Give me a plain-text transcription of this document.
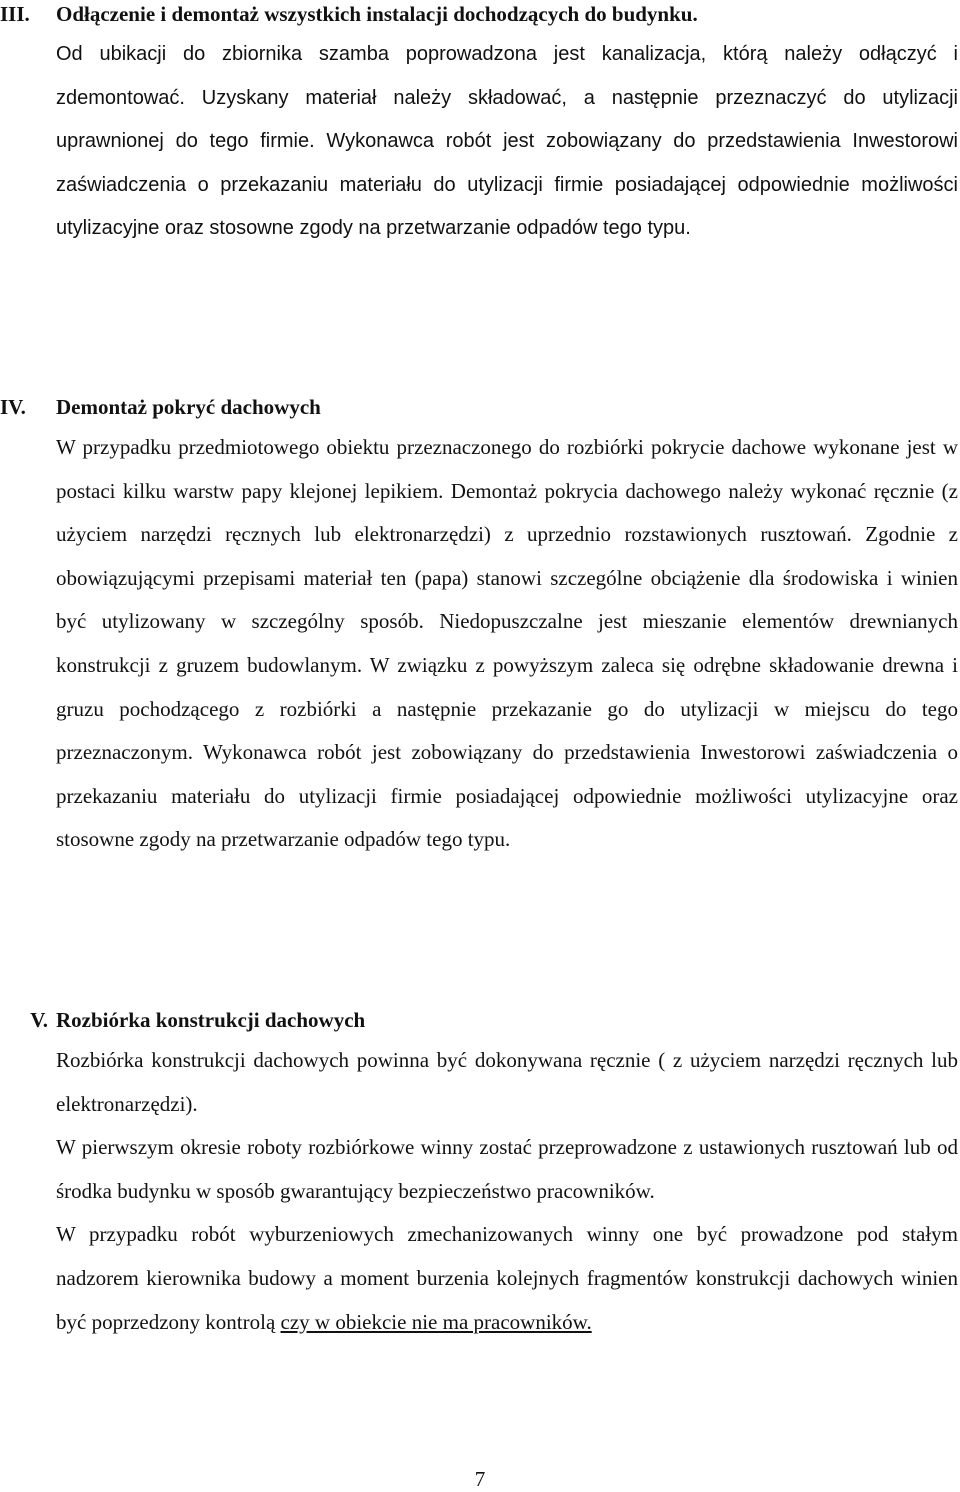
III.	Odłączenie i demontaż wszystkich instalacji dochodzących do budynku.

Od ubikacji do zbiornika szamba poprowadzona jest kanalizacja, którą należy odłączyć i zdemontować. Uzyskany materiał należy składować, a następnie przeznaczyć do utylizacji uprawnionej do tego firmie. Wykonawca robót jest zobowiązany do przedstawienia Inwestorowi zaświadczenia o przekazaniu materiału do utylizacji firmie posiadającej odpowiednie możliwości utylizacyjne oraz stosowne zgody na przetwarzanie odpadów tego typu.

IV.	Demontaż pokryć dachowych

W przypadku przedmiotowego obiektu przeznaczonego do rozbiórki pokrycie dachowe wykonane jest w postaci kilku warstw papy klejonej lepikiem. Demontaż pokrycia dachowego należy wykonać ręcznie (z użyciem narzędzi ręcznych lub elektronarzędzi) z uprzednio rozstawionych rusztowań. Zgodnie z obowiązującymi przepisami materiał ten (papa) stanowi szczególne obciążenie dla środowiska i winien być utylizowany w szczególny sposób. Niedopuszczalne jest mieszanie elementów drewnianych konstrukcji z gruzem budowlanym. W związku z powyższym zaleca się odrębne składowanie drewna i gruzu pochodzącego z rozbiórki a następnie przekazanie go do utylizacji w miejscu do tego przeznaczonym. Wykonawca robót jest zobowiązany do przedstawienia Inwestorowi zaświadczenia o przekazaniu materiału do utylizacji firmie posiadającej odpowiednie możliwości utylizacyjne oraz stosowne zgody na przetwarzanie odpadów tego typu.

V. Rozbiórka konstrukcji dachowych

Rozbiórka konstrukcji dachowych powinna być dokonywana ręcznie ( z użyciem narzędzi ręcznych lub elektronarzędzi).

W pierwszym okresie roboty rozbiórkowe winny zostać przeprowadzone z ustawionych rusztowań lub od środka budynku w sposób gwarantujący bezpieczeństwo pracowników.

W przypadku robót wyburzeniowych zmechanizowanych winny one być prowadzone pod stałym nadzorem kierownika budowy a moment burzenia kolejnych fragmentów konstrukcji dachowych winien być poprzedzony kontrolą czy w obiekcie nie ma pracowników.

7
